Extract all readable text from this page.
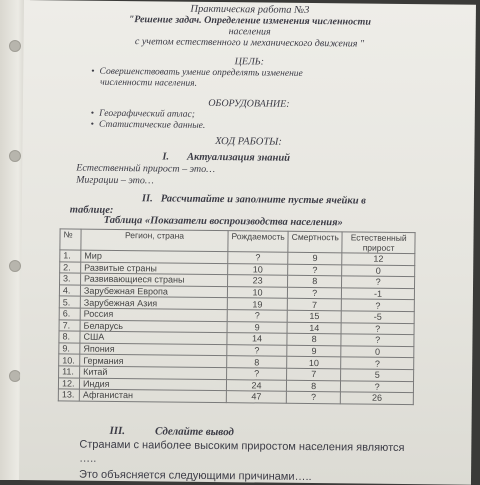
Практическая работа №3
"Решение задач. Определение изменения численности
населения
с учетом естественного и механического движения "
ЦЕЛЬ:
• Совершенствовать умение определять изменение
численности населения.
ОБОРУДОВАНИЕ:
• Географический атлас;
• Статистические данные.
ХОД РАБОТЫ:
I. Актуализация знаний
Естественный прирост – это…
Миграции – это…
II. Рассчитайте и заполните пустые ячейки в
таблице:
Таблица «Показатели воспроизводства населения»
№	Регион, страна	Рождаемость	Смертность	Естественный прирост
1.	Мир	?	9	12
2.	Развитые страны	10	?	0
3.	Развивающиеся страны	23	8	?
4.	Зарубежная Европа	10	?	-1
5.	Зарубежная Азия	19	7	?
6.	Россия	?	15	-5
7.	Беларусь	9	14	?
8.	США	14	8	?
9.	Япония	?	9	0
10.	Германия	8	10	?
11.	Китай	?	7	5
12.	Индия	24	8	?
13.	Афганистан	47	?	26
III.	Сделайте вывод
Странами с наиболее высоким приростом населения являются
…..
Это объясняется следующими причинами…..
